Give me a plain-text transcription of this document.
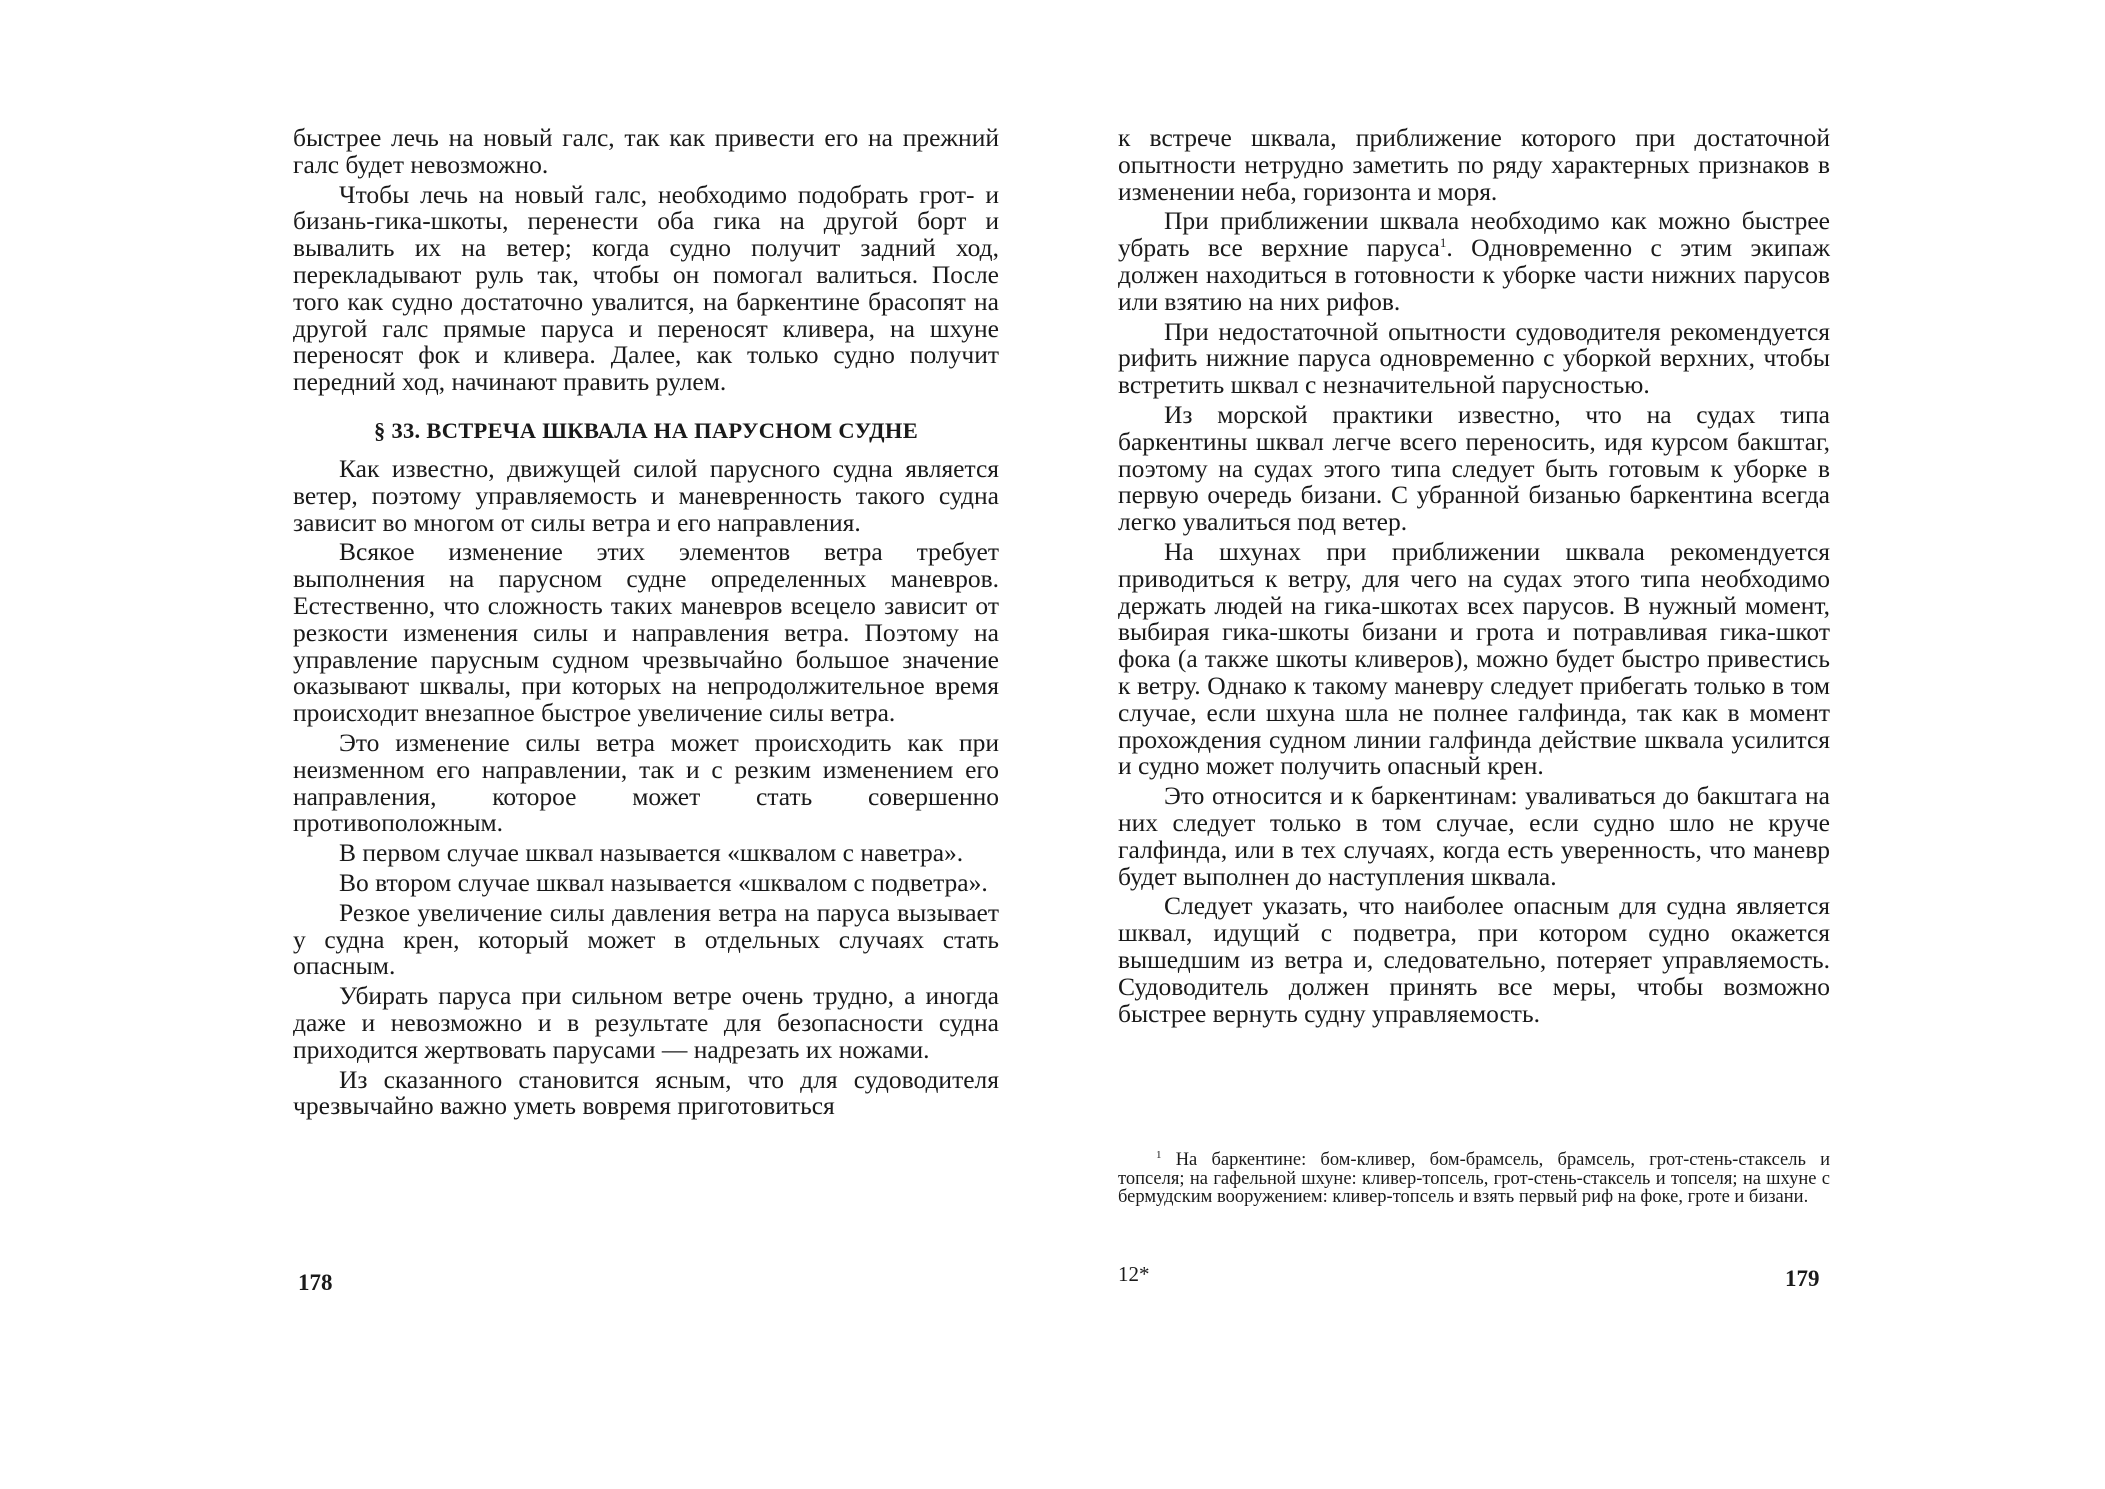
быстрее лечь на новый галс, так как привести его на прежний галс будет невозможно.

Чтобы лечь на новый галс, необходимо подобрать грот- и бизань-гика-шкоты, перенести оба гика на другой борт и вывалить их на ветер; когда судно получит задний ход, перекладывают руль так, чтобы он помогал валиться. После того как судно достаточно увалится, на баркентине брасопят на другой галс прямые паруса и переносят кливера, на шхуне переносят фок и кливера. Далее, как только судно получит передний ход, начинают править рулем.

§ 33. ВСТРЕЧА ШКВАЛА НА ПАРУСНОМ СУДНЕ

Как известно, движущей силой парусного судна является ветер, поэтому управляемость и маневренность такого судна зависит во многом от силы ветра и его направления.

Всякое изменение этих элементов ветра требует выполнения на парусном судне определенных маневров. Естественно, что сложность таких маневров всецело зависит от резкости изменения силы и направления ветра. Поэтому на управление парусным судном чрезвычайно большое значение оказывают шквалы, при которых на непродолжительное время происходит внезапное быстрое увеличение силы ветра.

Это изменение силы ветра может происходить как при неизменном его направлении, так и с резким изменением его направления, которое может стать совершенно противоположным.

В первом случае шквал называется «шквалом с наветра».

Во втором случае шквал называется «шквалом с подветра».

Резкое увеличение силы давления ветра на паруса вызывает у судна крен, который может в отдельных случаях стать опасным.

Убирать паруса при сильном ветре очень трудно, а иногда даже и невозможно и в результате для безопасности судна приходится жертвовать парусами — надрезать их ножами.

Из сказанного становится ясным, что для судоводителя чрезвычайно важно уметь вовремя приготовиться

178

к встрече шквала, приближение которого при достаточной опытности нетрудно заметить по ряду характерных признаков в изменении неба, горизонта и моря.

При приближении шквала необходимо как можно быстрее убрать все верхние паруса$^1$. Одновременно с этим экипаж должен находиться в готовности к уборке части нижних парусов или взятию на них рифов.

При недостаточной опытности судоводителя рекомендуется рифить нижние паруса одновременно с уборкой верхних, чтобы встретить шквал с незначительной парусностью.

Из морской практики известно, что на судах типа баркентины шквал легче всего переносить, идя курсом бакштаг, поэтому на судах этого типа следует быть готовым к уборке в первую очередь бизани. С убранной бизанью баркентина всегда легко увалиться под ветер.

На шхунах при приближении шквала рекомендуется приводиться к ветру, для чего на судах этого типа необходимо держать людей на гика-шкотах всех парусов. В нужный момент, выбирая гика-шкоты бизани и грота и потравливая гика-шкот фока (а также шкоты кливеров), можно будет быстро привестись к ветру. Однако к такому маневру следует прибегать только в том случае, если шхуна шла не полнее галфинда, так как в момент прохождения судном линии галфинда действие шквала усилится и судно может получить опасный крен.

Это относится и к баркентинам: уваливаться до бакштага на них следует только в том случае, если судно шло не круче галфинда, или в тех случаях, когда есть уверенность, что маневр будет выполнен до наступления шквала.

Следует указать, что наиболее опасным для судна является шквал, идущий с подветра, при котором судно окажется вышедшим из ветра и, следовательно, потеряет управляемость. Судоводитель должен принять все меры, чтобы возможно быстрее вернуть судну управляемость.

$^1$ На баркентине: бом-кливер, бом-брамсель, брамсель, грот-стень-стаксель и топселя; на гафельной шхуне: кливер-топсель, грот-стень-стаксель и топселя; на шхуне с бермудским вооружением: кливер-топсель и взять первый риф на фоке, гроте и бизани.

12*	179
